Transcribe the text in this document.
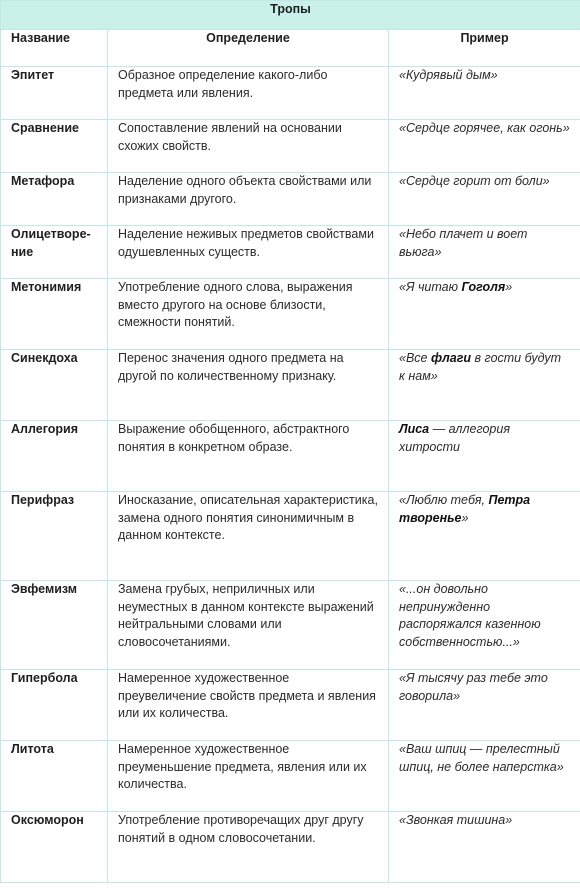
Тропы		
Название	Определение	Пример
Эпитет	Образное определение какого-либо предмета или явления.	«Кудрявый дым»
Сравнение	Сопоставление явлений на основании схожих свойств.	«Сердце горячее, как огонь»
Метафора	Наделение одного объекта свойствами или признаками другого.	«Сердце горит от боли»
Олицетворе-ние	Наделение неживых предметов свойствами одушевленных существ.	«Небо плачет и воет вьюга»
Метонимия	Употребление одного слова, выражения вместо другого на основе близости, смежности понятий.	«Я читаю Гоголя»
Синекдоха	Перенос значения одного предмета на другой по количественному признаку.	«Все флаги в гости будут к нам»
Аллегория	Выражение обобщенного, абстрактного понятия в конкретном образе.	Лиса — аллегория хитрости
Перифраз	Иносказание, описательная характеристика, замена одного понятия синонимичным в данном контексте.	«Люблю тебя, Петра творенье»
Эвфемизм	Замена грубых, неприличных или неуместных в данном контексте выражений нейтральными словами или словосочетаниями.	«...он довольно непринужденно распоряжался казенною собственностью...»
Гипербола	Намеренное художественное преувеличение свойств предмета и явления или их количества.	«Я тысячу раз тебе это говорила»
Литота	Намеренное художественное преуменьшение предмета, явления или их количества.	«Ваш шпиц — прелестный шпиц, не более наперстка»
Оксюморон	Употребление противоречащих друг другу понятий в одном словосочетании.	«Звонкая тишина»
